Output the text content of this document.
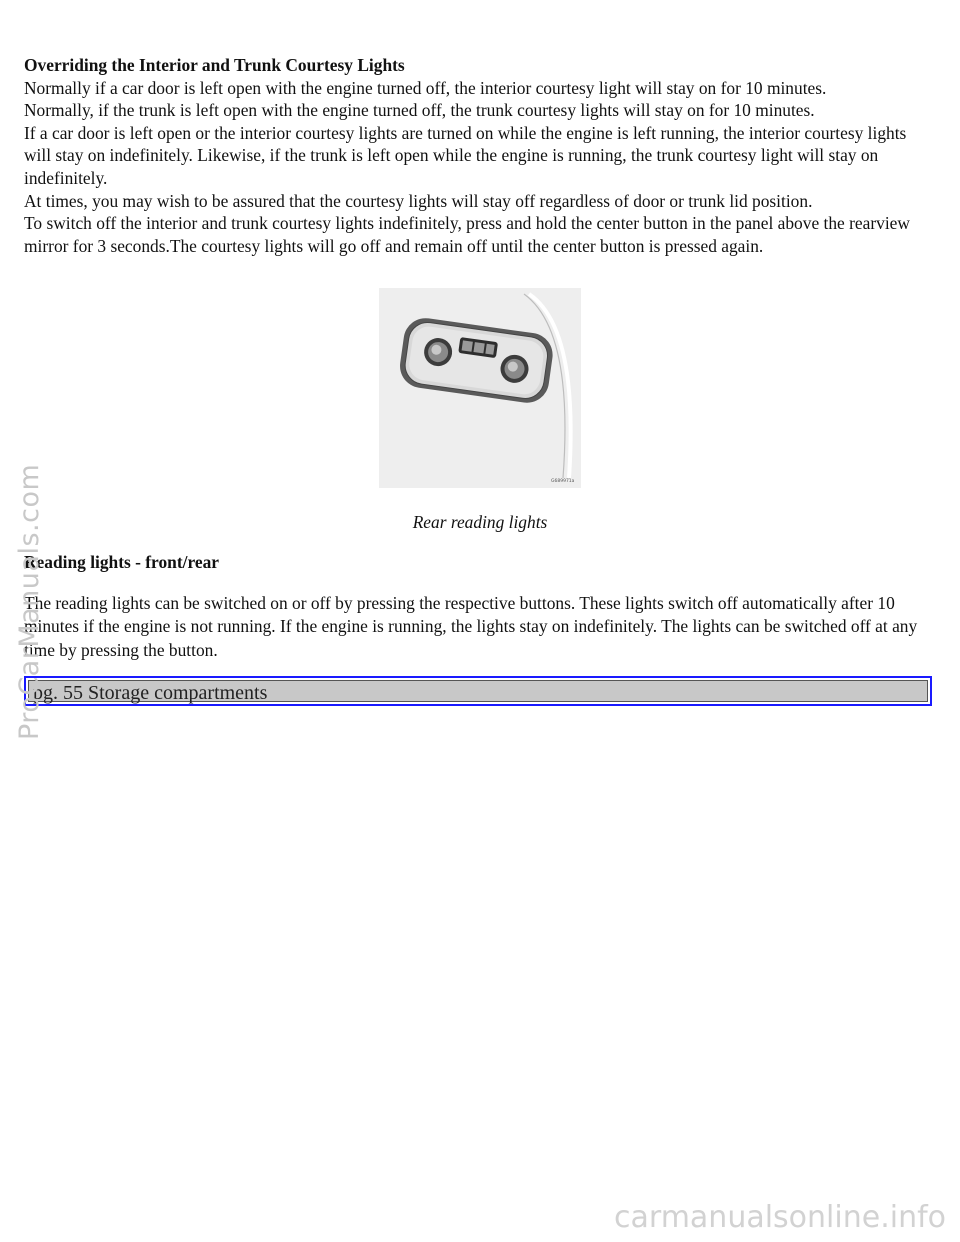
Overriding the Interior and Trunk Courtesy Lights

Normally if a car door is left open with the engine turned off, the interior courtesy light will stay on for 10 minutes.

Normally, if the trunk is left open with the engine turned off, the trunk courtesy lights will stay on for 10 minutes.

If a car door is left open or the interior courtesy lights are turned on while the engine is left running, the interior courtesy lights will stay on indefinitely. Likewise, if the trunk is left open while the engine is running, the trunk courtesy light will stay on indefinitely.

At times, you may wish to be assured that the courtesy lights will stay off regardless of door or trunk lid position.

To switch off the interior and trunk courtesy lights indefinitely, press and hold the center button in the panel above the rearview mirror for 3 seconds.The courtesy lights will go off and remain off until the center button is pressed again.

G689971a
Rear reading lights
Reading lights - front/rear
The reading lights can be switched on or off by pressing the respective buttons. These lights switch off automatically after 10 minutes if the engine is not running. If the engine is running, the lights stay on indefinitely. The lights can be switched off at any time by pressing the button.
pg. 55 Storage compartments
ProCarManuals.com
carmanualsonline.info
